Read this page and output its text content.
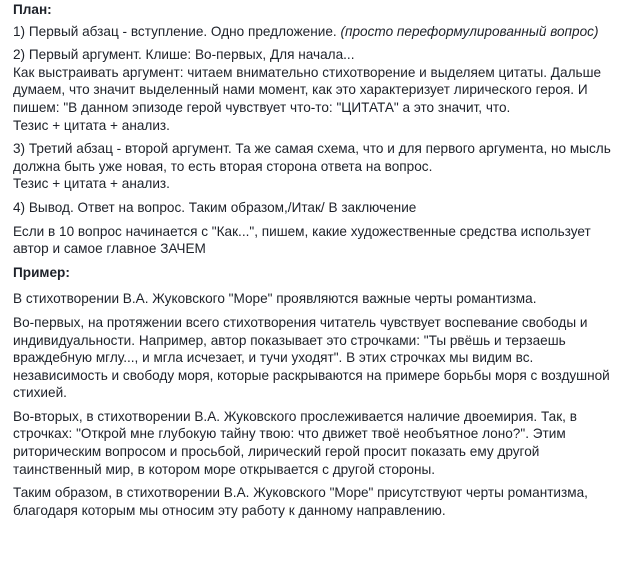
План:
1) Первый абзац - вступление. Одно предложение. (просто переформулированный вопрос)
2) Первый аргумент. Клише: Во-первых, Для начала...
Как выстраивать аргумент: читаем внимательно стихотворение и выделяем цитаты. Дальше
думаем, что значит выделенный нами момент, как это характеризует лирического героя. И
пишем: "В данном эпизоде герой чувствует что-то: "ЦИТАТА" а это значит, что.
Тезис + цитата + анализ.
3) Третий абзац - второй аргумент. Та же самая схема, что и для первого аргумента, но мысль
должна быть уже новая, то есть вторая сторона ответа на вопрос.
Тезис + цитата + анализ.
4) Вывод. Ответ на вопрос. Таким образом,/Итак/ В заключение
Если в 10 вопрос начинается с "Как...", пишем, какие художественные средства использует
автор и самое главное ЗАЧЕМ
Пример:
В стихотворении В.А. Жуковского "Море" проявляются важные черты романтизма.
Во-первых, на протяжении всего стихотворения читатель чувствует воспевание свободы и
индивидуальности. Например, автор показывает это строчками: "Ты рвёшь и терзаешь
враждебную мглу..., и мгла исчезает, и тучи уходят". В этих строчках мы видим вс.
независимость и свободу моря, которые раскрываются на примере борьбы моря с воздушной
стихией.
Во-вторых, в стихотворении В.А. Жуковского прослеживается наличие двоемирия. Так, в
строчках: "Открой мне глубокую тайну твою: что движет твоё необъятное лоно?". Этим
риторическим вопросом и просьбой, лирический герой просит показать ему другой
таинственный мир, в котором море открывается с другой стороны.
Таким образом, в стихотворении В.А. Жуковского "Море" присутствуют черты романтизма,
благодаря которым мы относим эту работу к данному направлению.
